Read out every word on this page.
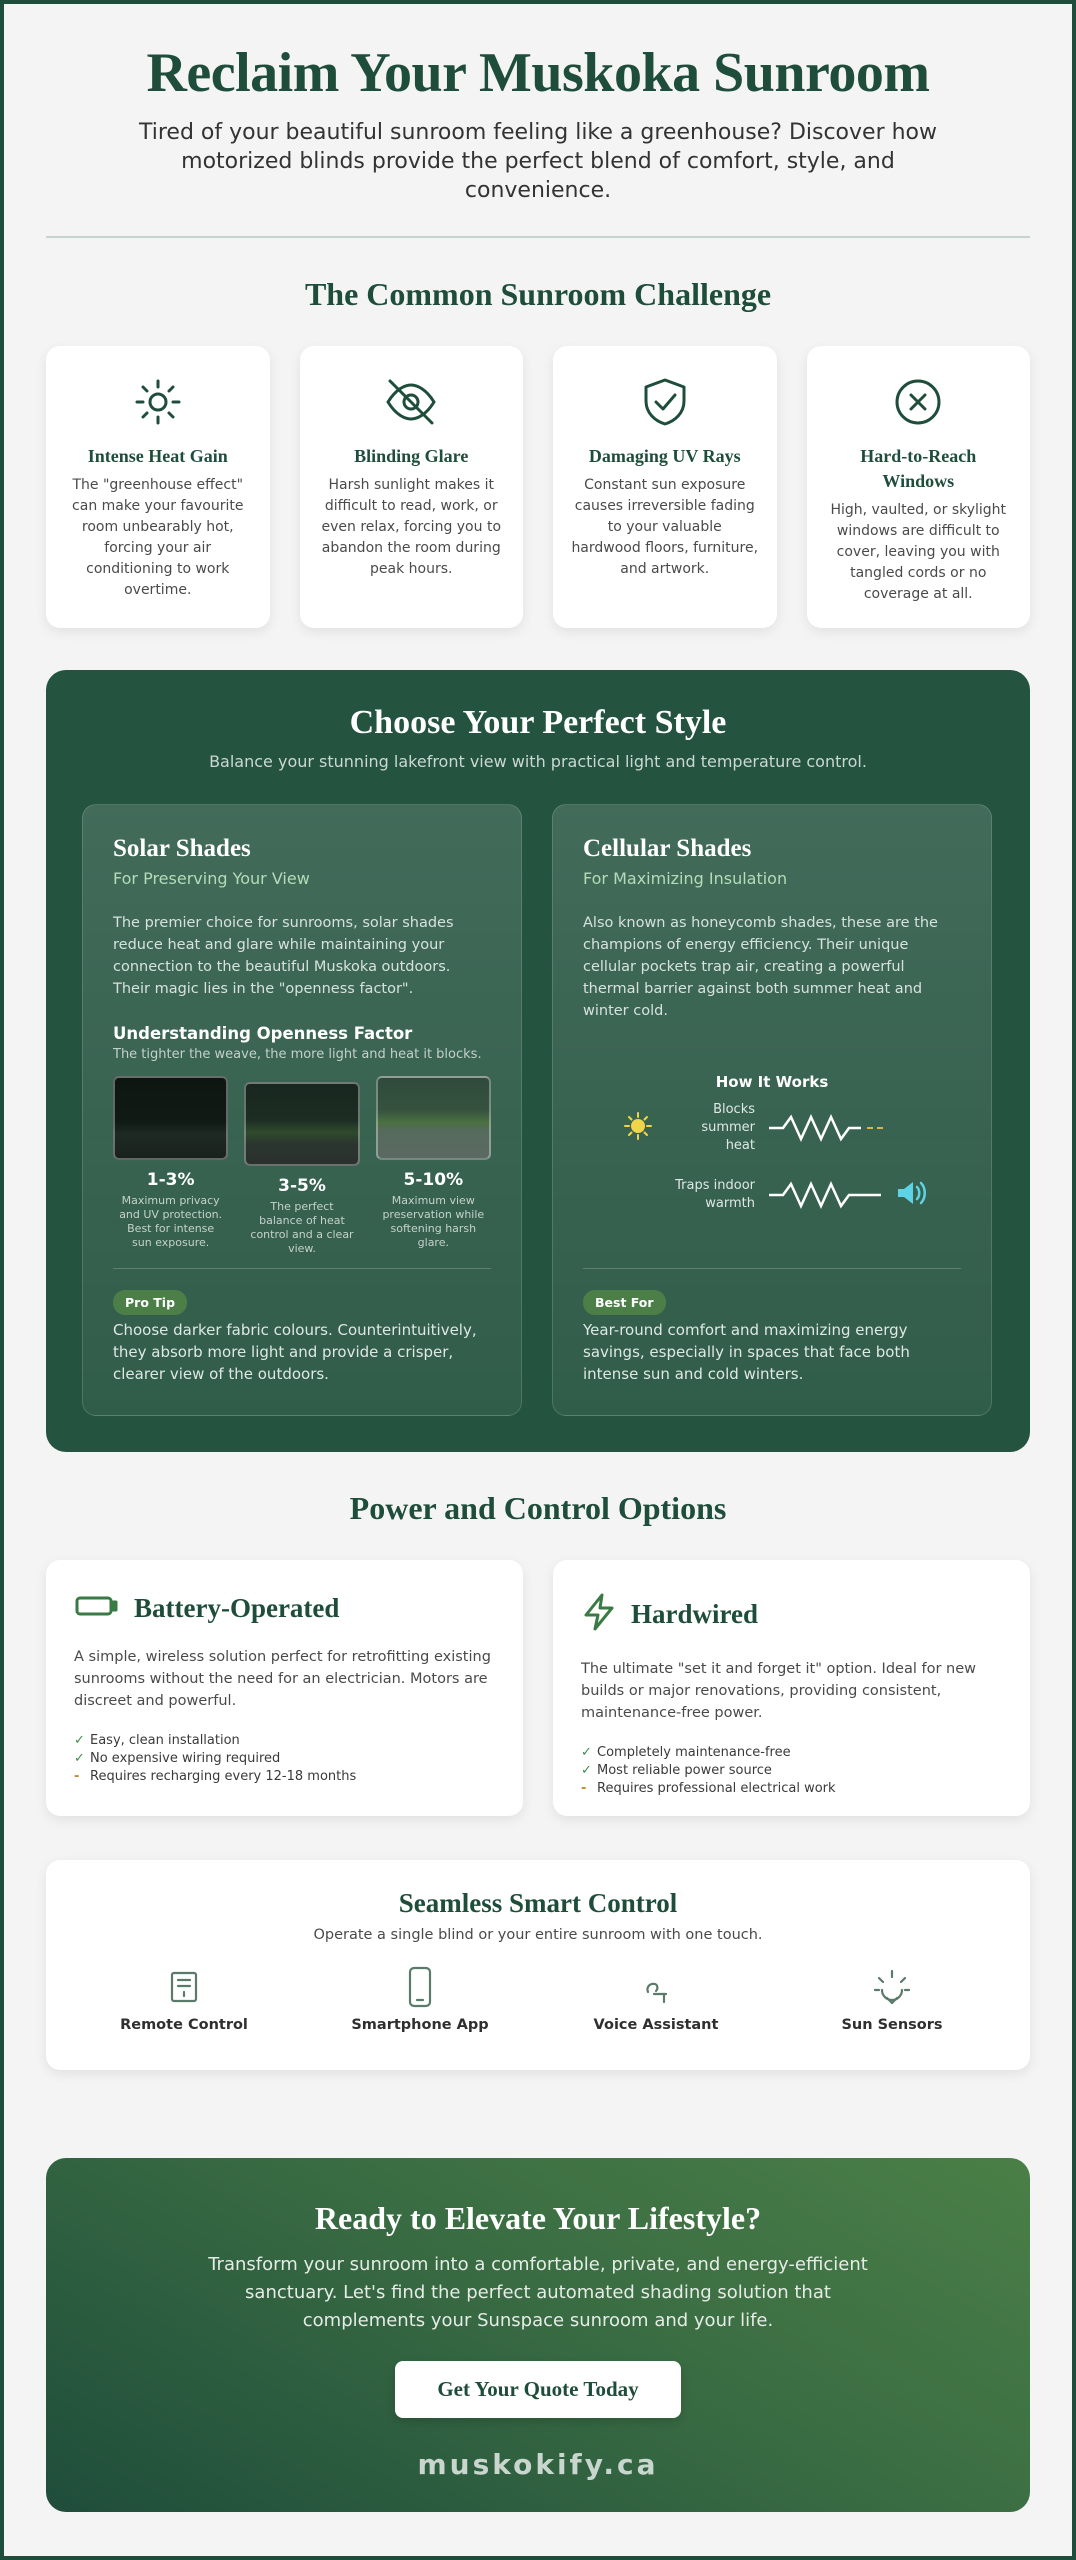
Reclaim Your Muskoka Sunroom

Tired of your beautiful sunroom feeling like a greenhouse? Discover how motorized blinds provide the perfect blend of comfort, style, and convenience.

The Common Sunroom Challenge
Intense Heat Gain

The "greenhouse effect" can make your favourite room unbearably hot, forcing your air conditioning to work overtime.

Blinding Glare

Harsh sunlight makes it difficult to read, work, or even relax, forcing you to abandon the room during peak hours.

Damaging UV Rays

Constant sun exposure causes irreversible fading to your valuable hardwood floors, furniture, and artwork.

Hard-to-Reach Windows

High, vaulted, or skylight windows are difficult to cover, leaving you with tangled cords or no coverage at all.

Choose Your Perfect Style
Balance your stunning lakefront view with practical light and temperature control.
Solar Shades
For Preserving Your View
The premier choice for sunrooms, solar shades reduce heat and glare while maintaining your connection to the beautiful Muskoka outdoors. Their magic lies in the "openness factor".
Understanding Openness Factor
The tighter the weave, the more light and heat it blocks.
1-3%
Maximum privacy and UV protection. Best for intense sun exposure.
3-5%
The perfect balance of heat control and a clear view.
5-10%
Maximum view preservation while softening harsh glare.
Pro Tip
Choose darker fabric colours. Counterintuitively, they absorb more light and provide a crisper, clearer view of the outdoors.
Cellular Shades
For Maximizing Insulation
Also known as honeycomb shades, these are the champions of energy efficiency. Their unique cellular pockets trap air, creating a powerful thermal barrier against both summer heat and winter cold.
How It Works
Blocks summer heat
Traps indoor warmth
Best For
Year-round comfort and maximizing energy savings, especially in spaces that face both intense sun and cold winters.
Power and Control Options
Battery-Operated
A simple, wireless solution perfect for retrofitting existing sunrooms without the need for an electrician. Motors are discreet and powerful.
✓ Easy, clean installation
✓ No expensive wiring required
- Requires recharging every 12-18 months
Hardwired
The ultimate "set it and forget it" option. Ideal for new builds or major renovations, providing consistent, maintenance-free power.
✓ Completely maintenance-free
✓ Most reliable power source
- Requires professional electrical work
Seamless Smart Control
Operate a single blind or your entire sunroom with one touch.
Remote Control	Smartphone App	Voice Assistant	Sun Sensors
Ready to Elevate Your Lifestyle?

Transform your sunroom into a comfortable, private, and energy-efficient sanctuary. Let's find the perfect automated shading solution that complements your Sunspace sunroom and your life.

Get Your Quote Today
muskokify.ca
